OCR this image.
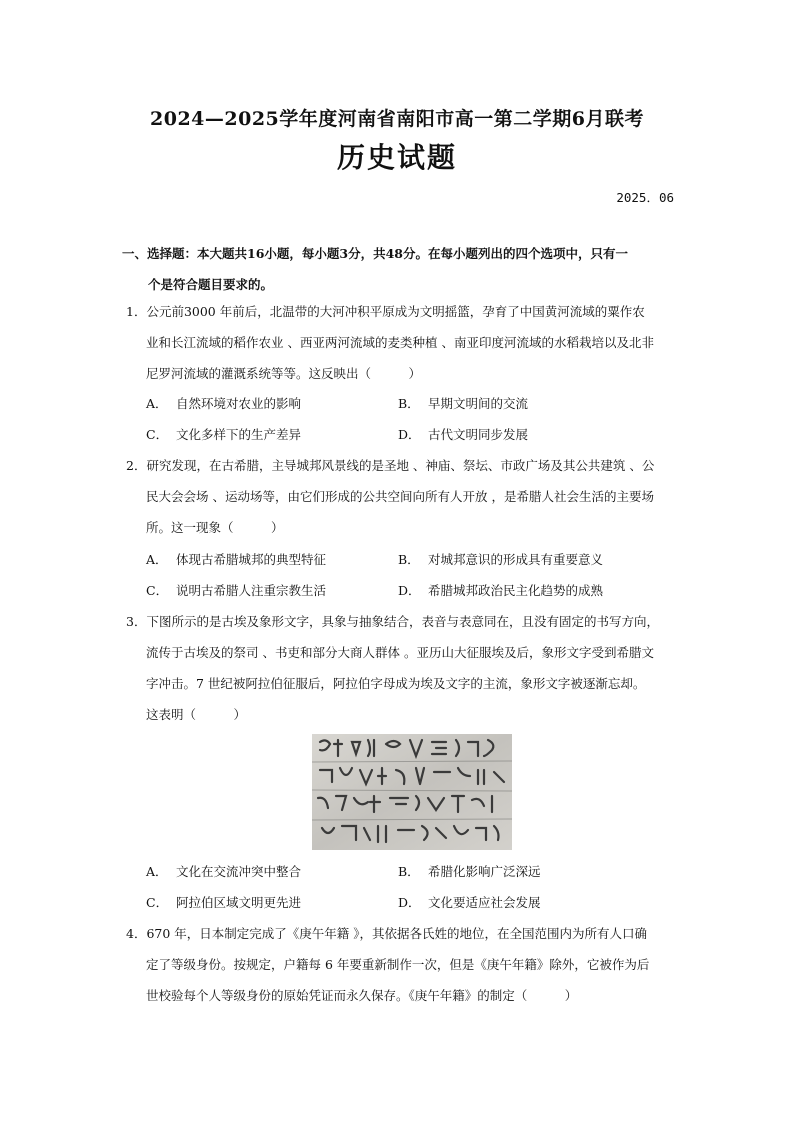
2024—2025学年度河南省南阳市高一第二学期6月联考
历史试题
2025．06
一、选择题：本大题共16小题，每小题3分，共48分。在每小题列出的四个选项中，只有一
个是符合题目要求的。
1．公元前3000 年前后，北温带的大河冲积平原成为文明摇篮，孕育了中国黄河流域的粟作农
业和长江流域的稻作农业 、西亚两河流域的麦类种植 、南亚印度河流域的水稻栽培以及北非
尼罗河流域的灌溉系统等等。这反映出（　　　）
A． 自然环境对农业的影响	B． 早期文明间的交流
C． 文化多样下的生产差异	D． 古代文明同步发展
2．研究发现，在古希腊，主导城邦风景线的是圣地 、神庙、祭坛、市政广场及其公共建筑 、公
民大会会场 、运动场等，由它们形成的公共空间向所有人开放 ，是希腊人社会生活的主要场
所。这一现象（　　　）
A． 体现古希腊城邦的典型特征	B． 对城邦意识的形成具有重要意义
C． 说明古希腊人注重宗教生活	D． 希腊城邦政治民主化趋势的成熟
3．下图所示的是古埃及象形文字，具象与抽象结合，表音与表意同在，且没有固定的书写方向，
流传于古埃及的祭司 、书吏和部分大商人群体 。亚历山大征服埃及后，象形文字受到希腊文
字冲击。7 世纪被阿拉伯征服后，阿拉伯字母成为埃及文字的主流，象形文字被逐渐忘却。
这表明（　　　）
A． 文化在交流冲突中整合	B． 希腊化影响广泛深远
C． 阿拉伯区域文明更先进	D． 文化要适应社会发展
4．670 年，日本制定完成了《庚午年籍 》，其依据各氏姓的地位，在全国范围内为所有人口确
定了等级身份。按规定，户籍每 6 年要重新制作一次，但是《庚午年籍》除外，它被作为后
世校验每个人等级身份的原始凭证而永久保存。《庚午年籍》的制定（　　　）
